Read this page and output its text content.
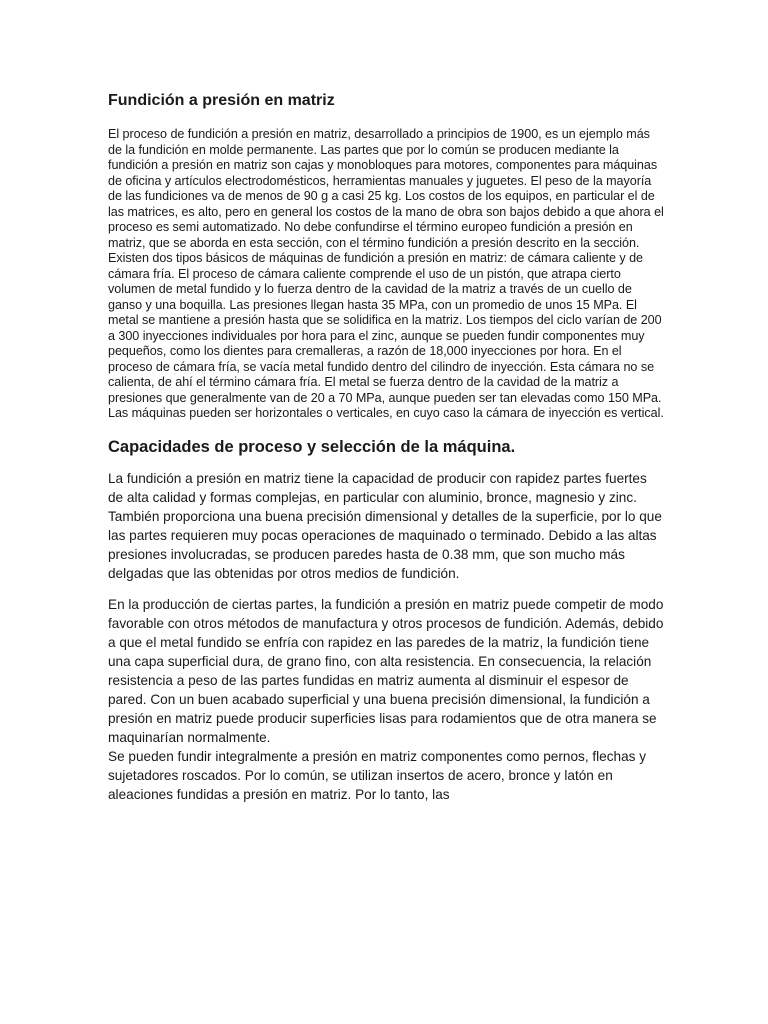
Fundición a presión en matriz

El proceso de fundición a presión en matriz, desarrollado a principios de 1900, es un ejemplo más de la fundición en molde permanente. Las partes que por lo común se producen mediante la fundición a presión en matriz son cajas y monobloques para motores, componentes para máquinas de oficina y artículos electrodomésticos, herramientas manuales y juguetes. El peso de la mayoría de las fundiciones va de menos de 90 g a casi 25 kg. Los costos de los equipos, en particular el de las matrices, es alto, pero en general los costos de la mano de obra son bajos debido a que ahora el proceso es semi automatizado. No debe confundirse el término europeo fundición a presión en matriz, que se aborda en esta sección, con el término fundición a presión descrito en la sección. Existen dos tipos básicos de máquinas de fundición a presión en matriz: de cámara caliente y de cámara fría. El proceso de cámara caliente comprende el uso de un pistón, que atrapa cierto volumen de metal fundido y lo fuerza dentro de la cavidad de la matriz a través de un cuello de ganso y una boquilla. Las presiones llegan hasta 35 MPa, con un promedio de unos 15 MPa. El metal se mantiene a presión hasta que se solidifica en la matriz. Los tiempos del ciclo varían de 200 a 300 inyecciones individuales por hora para el zinc, aunque se pueden fundir componentes muy pequeños, como los dientes para cremalleras, a razón de 18,000 inyecciones por hora. En el proceso de cámara fría, se vacía metal fundido dentro del cilindro de inyección. Esta cámara no se calienta, de ahí el término cámara fría. El metal se fuerza dentro de la cavidad de la matriz a presiones que generalmente van de 20 a 70 MPa, aunque pueden ser tan elevadas como 150 MPa. Las máquinas pueden ser horizontales o verticales, en cuyo caso la cámara de inyección es vertical.

Capacidades de proceso y selección de la máquina.

La fundición a presión en matriz tiene la capacidad de producir con rapidez partes fuertes de alta calidad y formas complejas, en particular con aluminio, bronce, magnesio y zinc. También proporciona una buena precisión dimensional y detalles de la superficie, por lo que las partes requieren muy pocas operaciones de maquinado o terminado. Debido a las altas presiones involucradas, se producen paredes hasta de 0.38 mm, que son mucho más delgadas que las obtenidas por otros medios de fundición.

En la producción de ciertas partes, la fundición a presión en matriz puede competir de modo favorable con otros métodos de manufactura y otros procesos de fundición. Además, debido a que el metal fundido se enfría con rapidez en las paredes de la matriz, la fundición tiene una capa superficial dura, de grano fino, con alta resistencia. En consecuencia, la relación resistencia a peso de las partes fundidas en matriz aumenta al disminuir el espesor de pared. Con un buen acabado superficial y una buena precisión dimensional, la fundición a presión en matriz puede producir superficies lisas para rodamientos que de otra manera se maquinarían normalmente.

Se pueden fundir integralmente a presión en matriz componentes como pernos, flechas y sujetadores roscados. Por lo común, se utilizan insertos de acero, bronce y latón en aleaciones fundidas a presión en matriz. Por lo tanto, las
